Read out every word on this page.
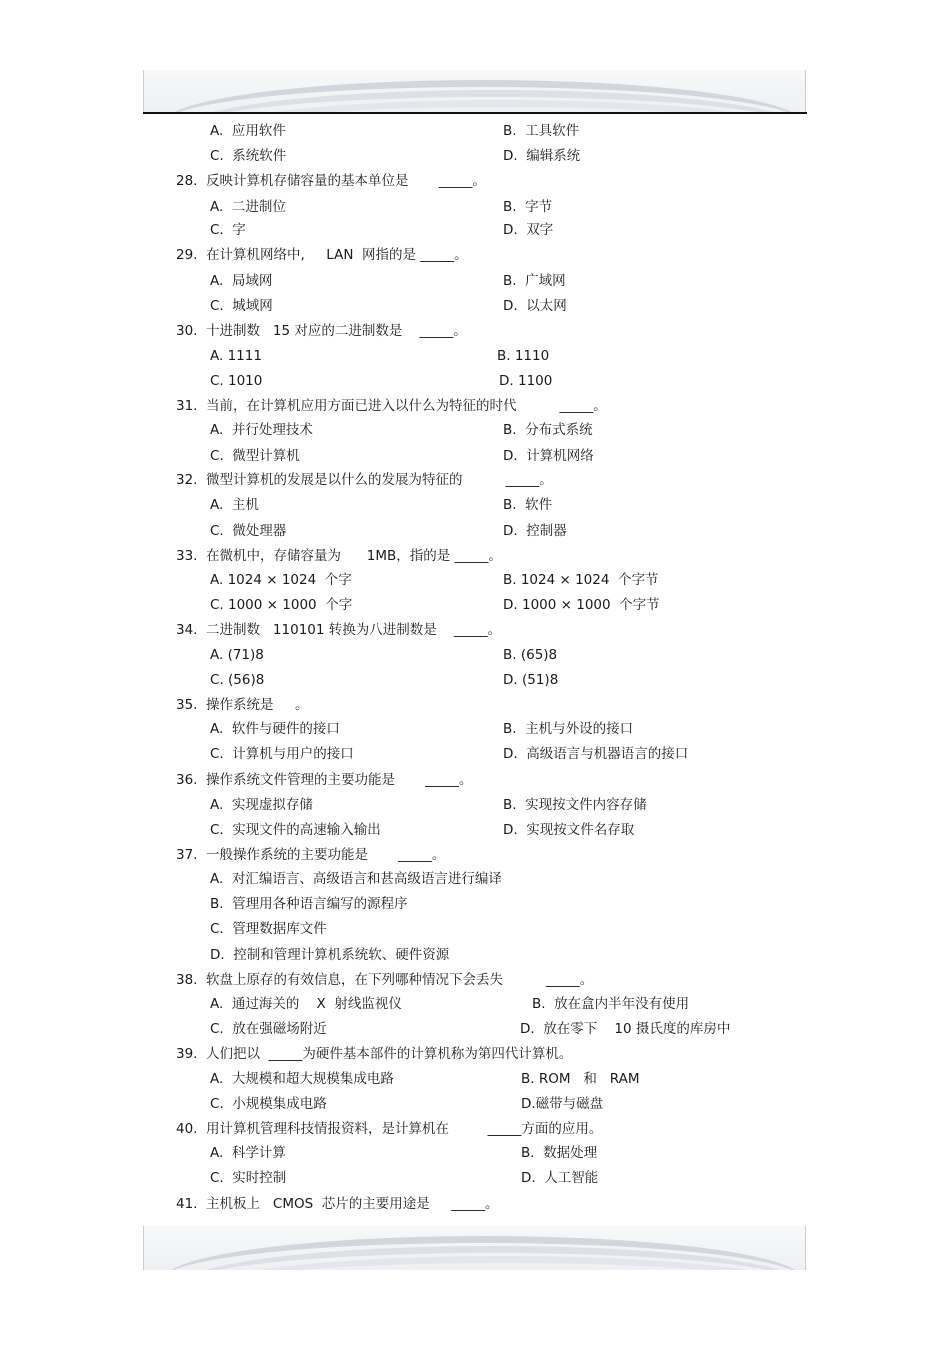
A.  应用软件	B.  工具软件
C.  系统软件	D.  编辑系统
28.  反映计算机存储容量的基本单位是       _____。
A.  二进制位	B.  字节
C.  字	D.  双字
29.  在计算机网络中,     LAN  网指的是 _____。
A.  局域网	B.  广域网
C.  城域网	D.  以太网
30.  十进制数   15 对应的二进制数是    _____。
A. 1111	B. 1110
C. 1010	D. 1100
31.  当前，在计算机应用方面已进入以什么为特征的时代          _____。
A.  并行处理技术	B.  分布式系统
C.  微型计算机	D.  计算机网络
32.  微型计算机的发展是以什么的发展为特征的          _____。
A.  主机	B.  软件
C.  微处理器	D.  控制器
33.  在微机中，存储容量为      1MB，指的是 _____。
A. 1024 × 1024  个字	B. 1024 × 1024  个字节
C. 1000 × 1000  个字	D. 1000 × 1000  个字节
34.  二进制数   110101 转换为八进制数是    _____。
A. (71)8	B. (65)8
C. (56)8	D. (51)8
35.  操作系统是     。
A.  软件与硬件的接口	B.  主机与外设的接口
C.  计算机与用户的接口	D.  高级语言与机器语言的接口
36.  操作系统文件管理的主要功能是       _____。
A.  实现虚拟存储	B.  实现按文件内容存储
C.  实现文件的高速输入输出	D.  实现按文件名存取
37.  一般操作系统的主要功能是       _____。
A.  对汇编语言、高级语言和甚高级语言进行编译
B.  管理用各种语言编写的源程序
C.  管理数据库文件
D.  控制和管理计算机系统软、硬件资源
38.  软盘上原存的有效信息，在下列哪种情况下会丢失          _____。
A.  通过海关的    X  射线监视仪	B.  放在盒内半年没有使用
C.  放在强磁场附近	D.  放在零下    10 摄氏度的库房中
39.  人们把以  _____为硬件基本部件的计算机称为第四代计算机。
A.  大规模和超大规模集成电路	B. ROM   和   RAM
C.  小规模集成电路	D.磁带与磁盘
40.  用计算机管理科技情报资料，是计算机在         _____方面的应用。
A.  科学计算	B.  数据处理
C.  实时控制	D.  人工智能
41.  主机板上   CMOS  芯片的主要用途是     _____。
